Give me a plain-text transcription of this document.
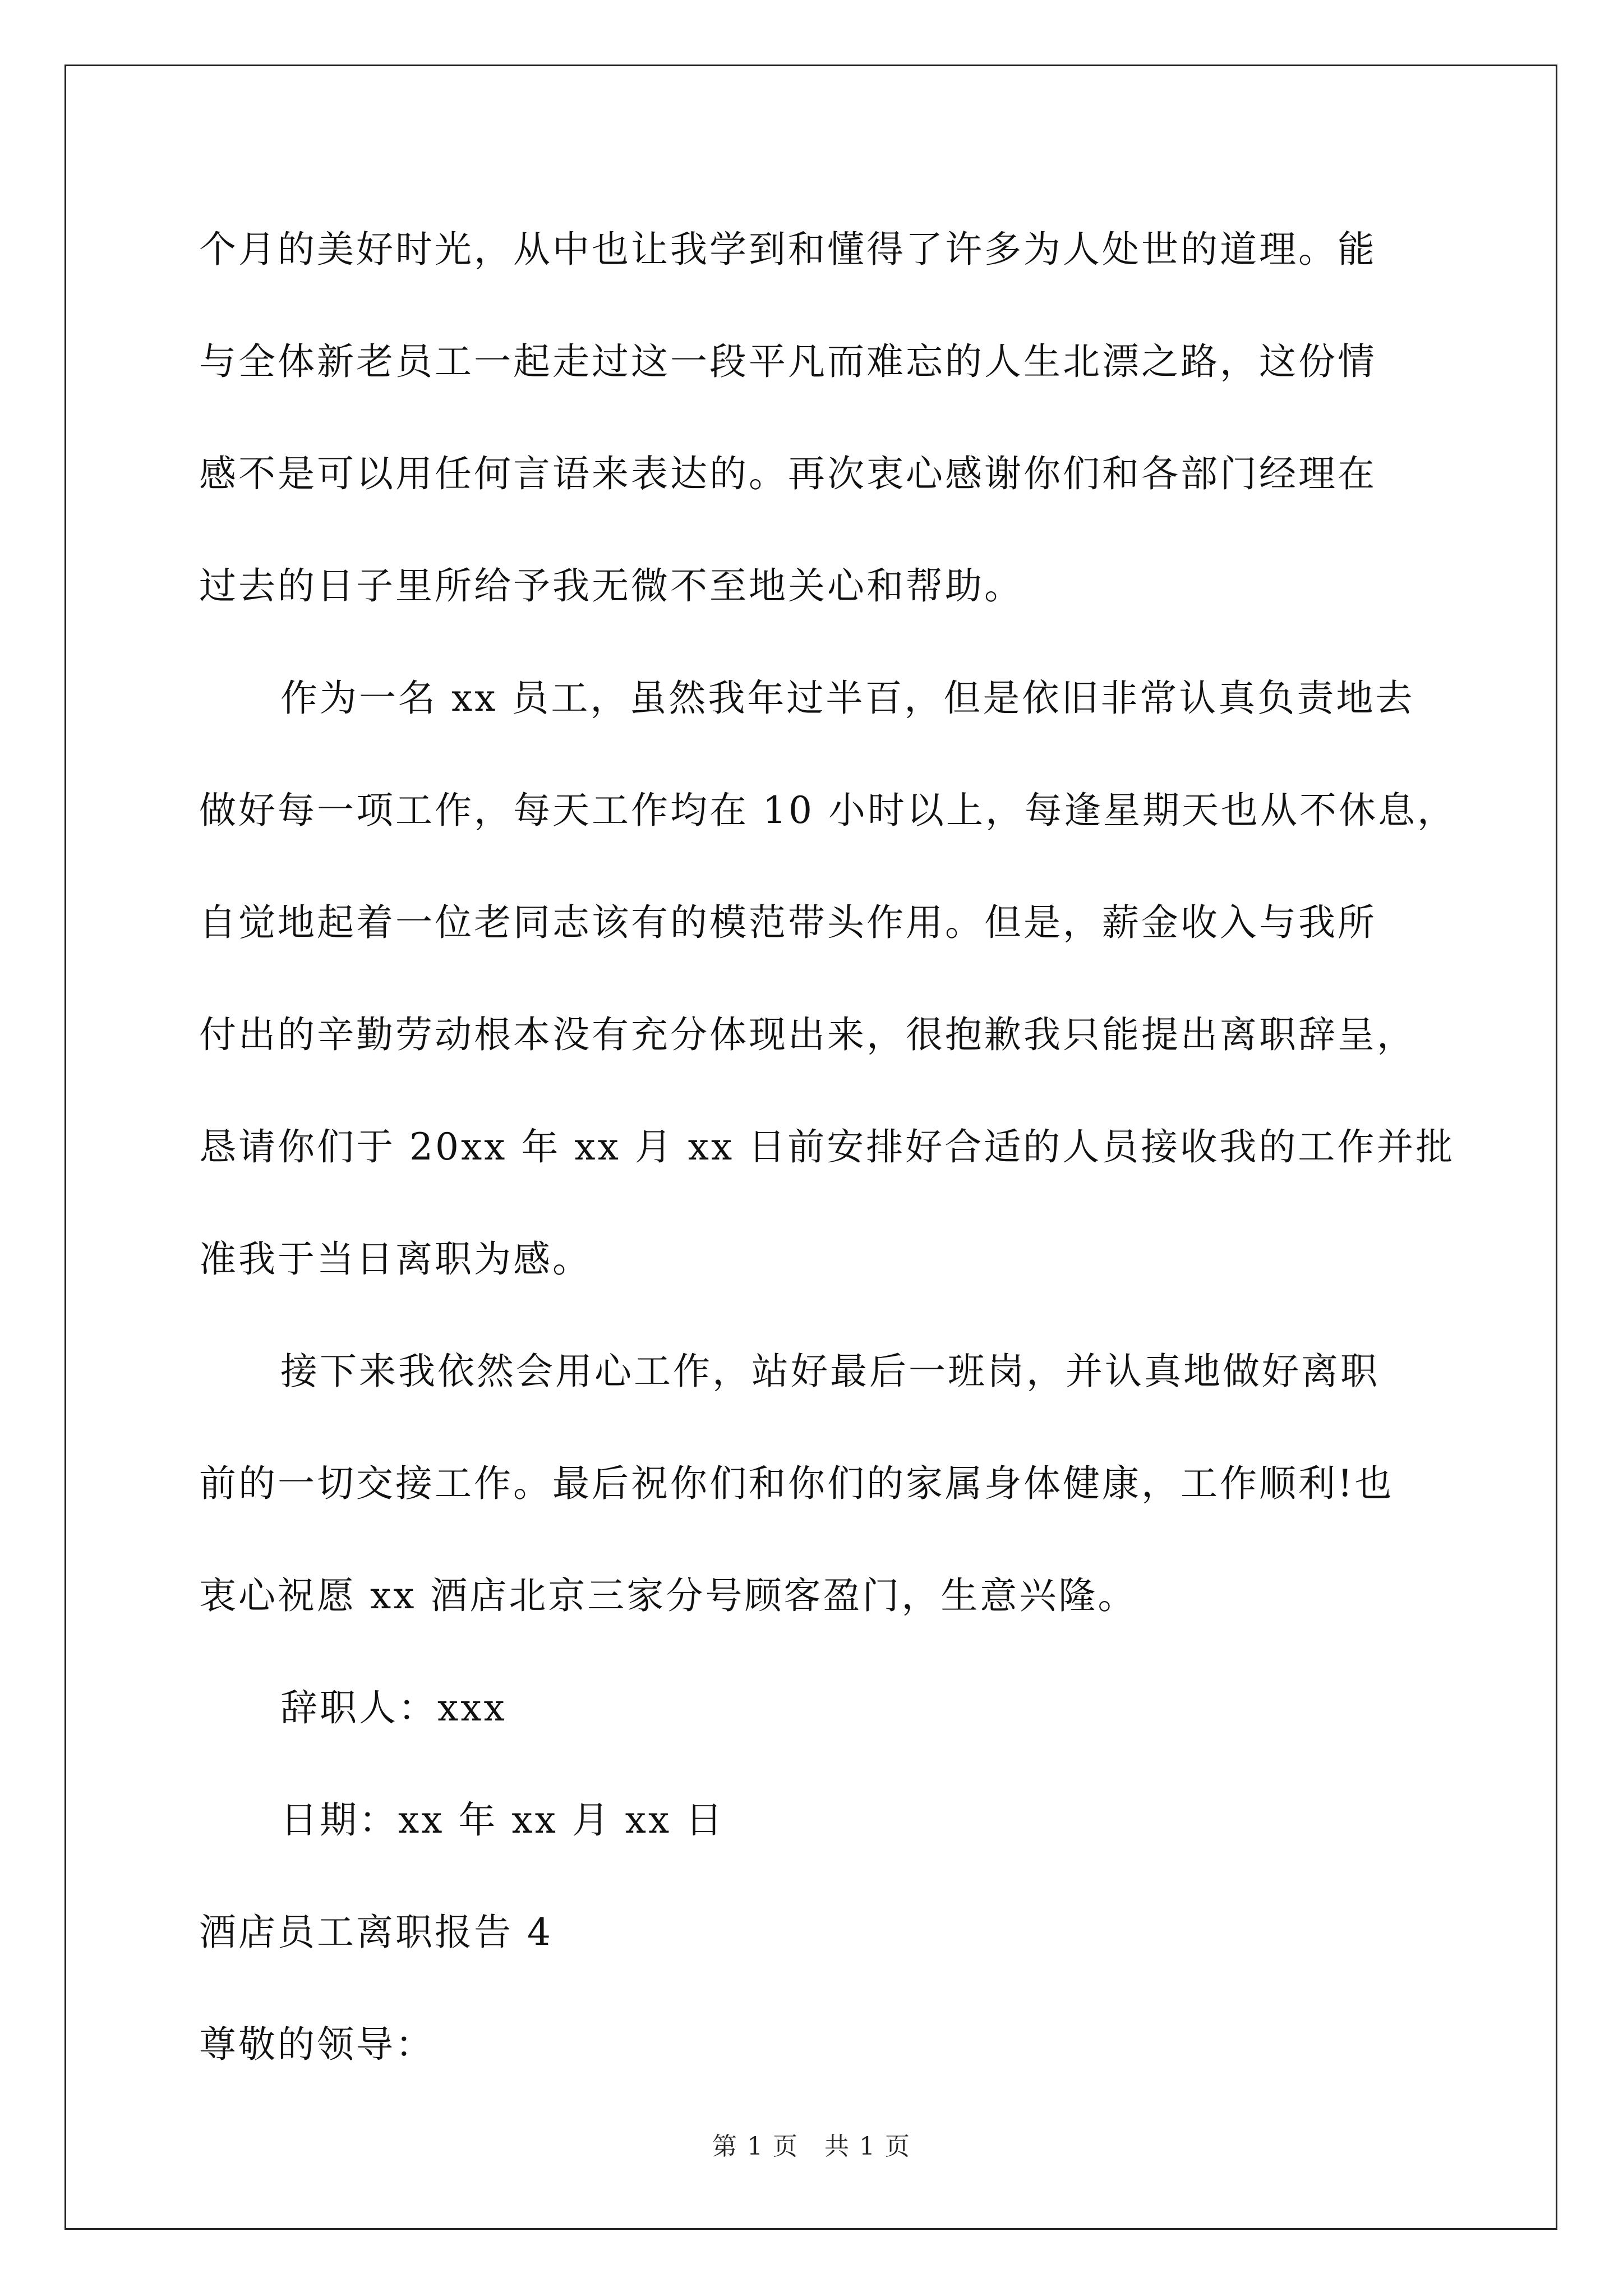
个月的美好时光，从中也让我学到和懂得了许多为人处世的道理。能
与全体新老员工一起走过这一段平凡而难忘的人生北漂之路，这份情
感不是可以用任何言语来表达的。再次衷心感谢你们和各部门经理在
过去的日子里所给予我无微不至地关心和帮助。
作为一名 xx 员工，虽然我年过半百，但是依旧非常认真负责地去
做好每一项工作，每天工作均在 10 小时以上，每逢星期天也从不休息，
自觉地起着一位老同志该有的模范带头作用。但是，薪金收入与我所
付出的辛勤劳动根本没有充分体现出来，很抱歉我只能提出离职辞呈，
恳请你们于 20xx 年 xx 月 xx 日前安排好合适的人员接收我的工作并批
准我于当日离职为感。
接下来我依然会用心工作，站好最后一班岗，并认真地做好离职
前的一切交接工作。最后祝你们和你们的家属身体健康，工作顺利!也
衷心祝愿 xx 酒店北京三家分号顾客盈门，生意兴隆。
辞职人：xxx
日期：xx 年 xx 月 xx 日
酒店员工离职报告 4
尊敬的领导：
第 1 页 共 1 页
